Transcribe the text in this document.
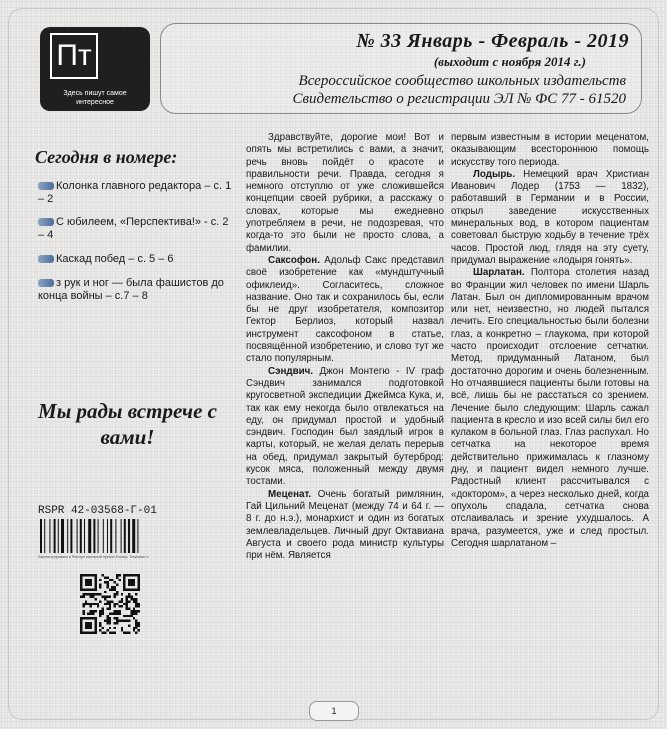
Пт
Здесь пишут самое интересное
№ 33 Январь - Февраль - 2019
(выходит с ноября 2014 г.)
Всероссийское сообщество школьных издательств
Свидетельство о регистрации ЭЛ № ФС 77 - 61520
Сегодня в номере:
Колонка главного редактора – с. 1 – 2
С юбилеем, «Перспектива!» - с. 2 – 4
Каскад побед – с. 5 – 6
з рук и ног — была фашистов до конца войны – с.7 – 8
Мы рады встрече с вами!
RSPR 42-03568-Г-01
Зарегистрировано в Реестре школьной прессы России. Тематика: п

Здравствуйте, дорогие мои! Вот и опять мы встретились с вами, а значит, речь вновь пойдёт о красоте и правильности речи. Правда, сегодня я немного отступлю от уже сложившейся концепции своей рубрики, а расскажу о словах, которые мы ежедневно употребляем в речи, не подозревая, что когда-то это были не просто слова, а фамилии.

Саксофон. Адольф Сакс представил своё изобретение как «мундштучный офиклеид». Согласитесь, сложное название. Оно так и сохранилось бы, если бы не друг изобретателя, композитор Гектор Берлиоз, который назвал инструмент саксофоном в статье, посвящённой изобретению, и слово тут же стало популярным.

Сэндвич. Джон Монтегю - IV граф Сэндвич занимался подготовкой кругосветной экспедиции Джеймса Кука, и, так как ему некогда было отвлекаться на еду, он придумал простой и удобный сэндвич. Господин был заядлый игрок в карты, который, не желая делать перерыв на обед, придумал закрытый бутерброд: кусок мяса, положенный между двумя тостами.

Меценат. Очень богатый римлянин, Гай Цильний Меценат (между 74 и 64 г. — 8 г. до н.э.), монархист и один из богатых землевладельцев. Личный друг Октавиана Августа и своего рода министр культуры при нём. Является

первым известным в истории меценатом, оказывающим всестороннюю помощь искусству того периода.

Лодырь. Немецкий врач Христиан Иванович Лодер (1753 — 1832), работавший в Германии и в России, открыл заведение искусственных минеральных вод, в котором пациентам советовал быструю ходьбу в течение трёх часов. Простой люд, глядя на эту суету, придумал выражение «лодыря гонять».

Шарлатан. Полтора столетия назад во Франции жил человек по имени Шарль Латан. Был он дипломированным врачом или нет, неизвестно, но людей пытался лечить. Его специальностью были болезни глаз, а конкретно – глаукома, при которой часто происходит отслоение сетчатки. Метод, придуманный Латаном, был достаточно дорогим и очень болезненным. Но отчаявшиеся пациенты были готовы на всё, лишь бы не расстаться со зрением. Лечение было следующим: Шарль сажал пациента в кресло и изо всей силы бил его кулаком в больной глаз. Глаз распухал. Но сетчатка на некоторое время действительно прижималась к глазному дну, и пациент видел немного лучше. Радостный клиент рассчитывался с «доктором», а через несколько дней, когда опухоль спадала, сетчатка снова отслаивалась и зрение ухудшалось. А врача, разумеется, уже и след простыл. Сегодня шарлатаном –

1
